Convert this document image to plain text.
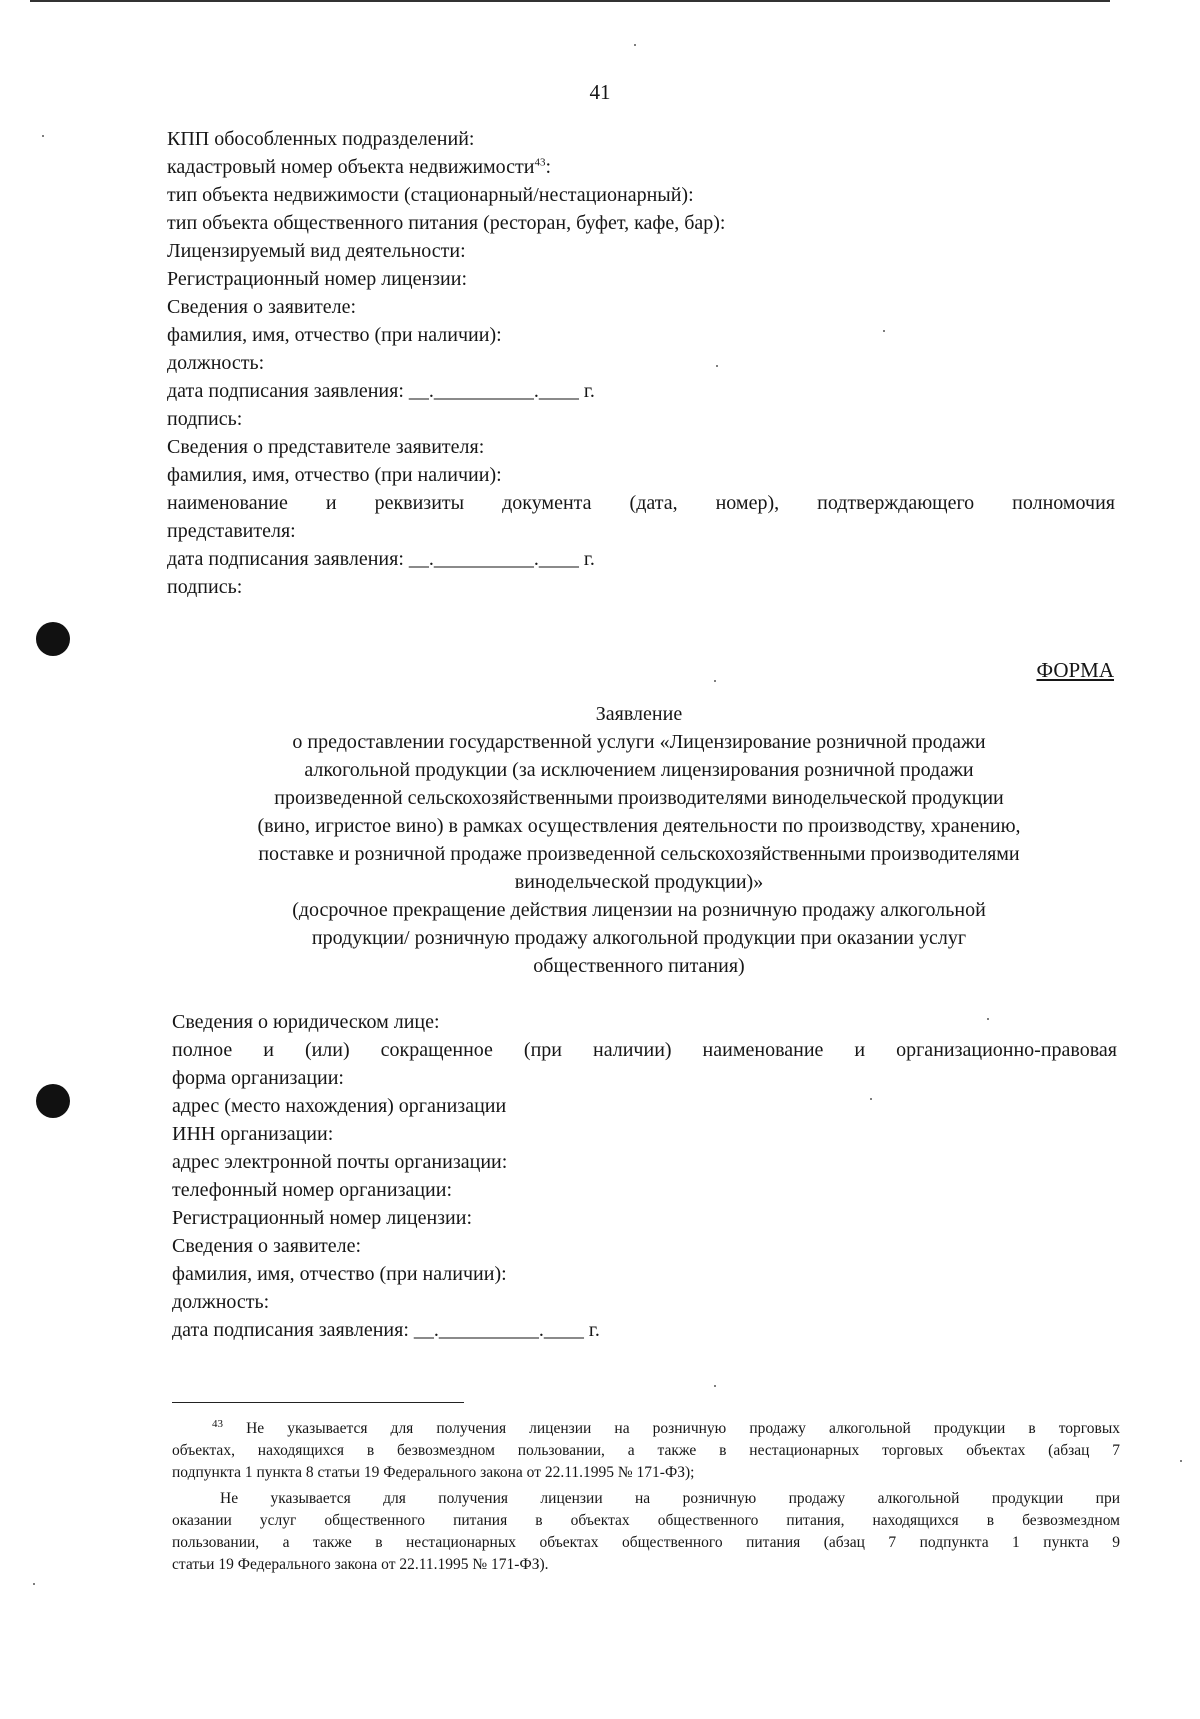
41
КПП обособленных подразделений:
кадастровый номер объекта недвижимости$^{43}$:
тип объекта недвижимости (стационарный/нестационарный):
тип объекта общественного питания (ресторан, буфет, кафе, бар):
Лицензируемый вид деятельности:
Регистрационный номер лицензии:
Сведения о заявителе:
фамилия, имя, отчество (при наличии):
должность:
дата подписания заявления: __.__________.____ г.
подпись:
Сведения о представителе заявителя:
фамилия, имя, отчество (при наличии):
наименование и реквизиты документа (дата, номер), подтверждающего полномочия
представителя:
дата подписания заявления: __.__________.____ г.
подпись:
ФОРМА
Заявление
о предоставлении государственной услуги «Лицензирование розничной продажи
алкогольной продукции (за исключением лицензирования розничной продажи
произведенной сельскохозяйственными производителями винодельческой продукции
(вино, игристое вино) в рамках осуществления деятельности по производству, хранению,
поставке и розничной продаже произведенной сельскохозяйственными производителями
винодельческой продукции)»
(досрочное прекращение действия лицензии на розничную продажу алкогольной
продукции/ розничную продажу алкогольной продукции при оказании услуг
общественного питания)
Сведения о юридическом лице:
полное и (или) сокращенное (при наличии) наименование и организационно-правовая
форма организации:
адрес (место нахождения) организации
ИНН организации:
адрес электронной почты организации:
телефонный номер организации:
Регистрационный номер лицензии:
Сведения о заявителе:
фамилия, имя, отчество (при наличии):
должность:
дата подписания заявления: __.__________.____ г.
$^{43}$ Не указывается для получения лицензии на розничную продажу алкогольной продукции в торговых
объектах, находящихся в безвозмездном пользовании, а также в нестационарных торговых объектах (абзац 7
подпункта 1 пункта 8 статьи 19 Федерального закона от 22.11.1995 № 171-ФЗ);
Не указывается для получения лицензии на розничную продажу алкогольной продукции при
оказании услуг общественного питания в объектах общественного питания, находящихся в безвозмездном
пользовании, а также в нестационарных объектах общественного питания (абзац 7 подпункта 1 пункта 9
статьи 19 Федерального закона от 22.11.1995 № 171-ФЗ).
